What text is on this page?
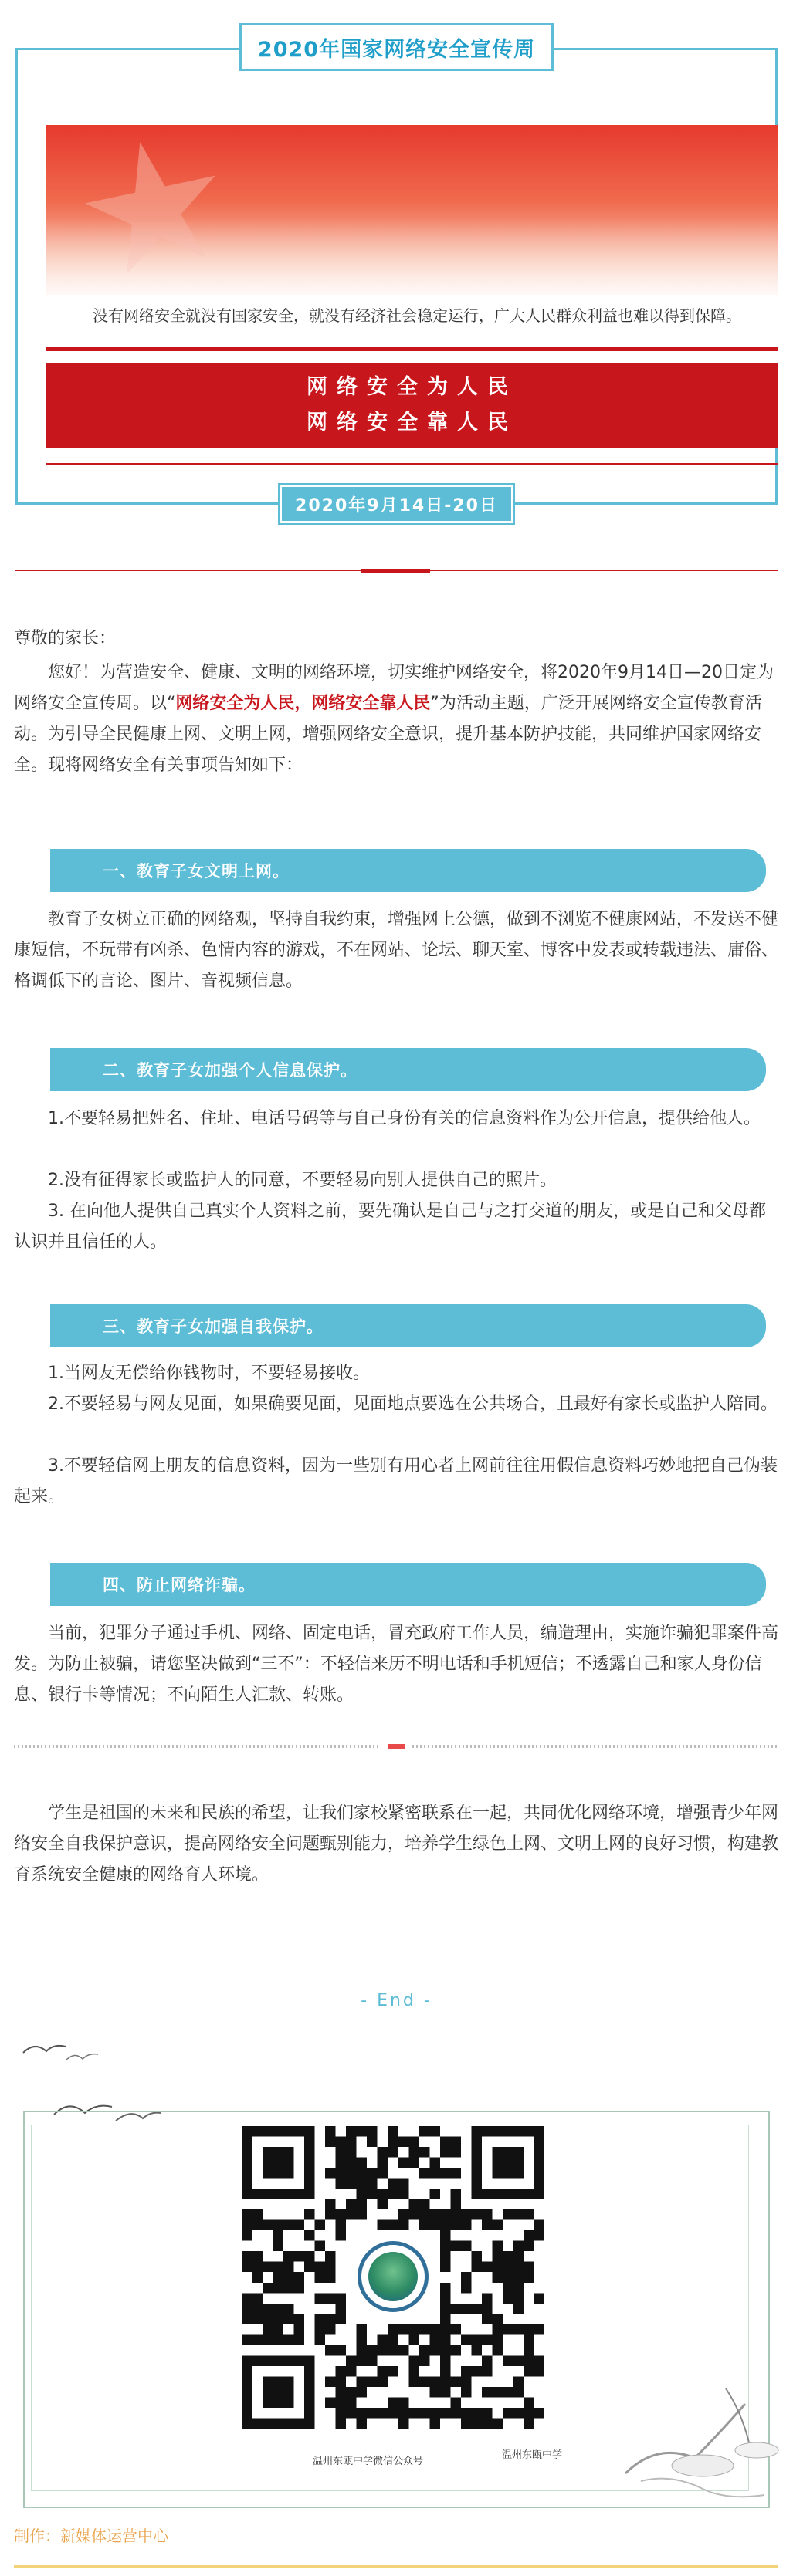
2020年国家网络安全宣传周

没有网络安全就没有国家安全，就没有经济社会稳定运行，广大人民群众利益也难以得到保障。

网络安全为人民
网络安全靠人民
2020年9月14日-20日

尊敬的家长：

您好！为营造安全、健康、文明的网络环境，切实维护网络安全，将2020年9月14日—20日定为网络安全宣传周。以“网络安全为人民，网络安全靠人民”为活动主题，广泛开展网络安全宣传教育活动。为引导全民健康上网、文明上网，增强网络安全意识，提升基本防护技能，共同维护国家网络安全。现将网络安全有关事项告知如下：

一、教育子女文明上网。

教育子女树立正确的网络观，坚持自我约束，增强网上公德，做到不浏览不健康网站，不发送不健康短信，不玩带有凶杀、色情内容的游戏，不在网站、论坛、聊天室、博客中发表或转载违法、庸俗、格调低下的言论、图片、音视频信息。

二、教育子女加强个人信息保护。

1.不要轻易把姓名、住址、电话号码等与自己身份有关的信息资料作为公开信息，提供给他人。

2.没有征得家长或监护人的同意，不要轻易向别人提供自己的照片。

3. 在向他人提供自己真实个人资料之前，要先确认是自己与之打交道的朋友，或是自己和父母都认识并且信任的人。

三、教育子女加强自我保护。

1.当网友无偿给你钱物时，不要轻易接收。

2.不要轻易与网友见面，如果确要见面，见面地点要选在公共场合，且最好有家长或监护人陪同。

3.不要轻信网上朋友的信息资料，因为一些别有用心者上网前往往用假信息资料巧妙地把自己伪装起来。

四、防止网络诈骗。

当前，犯罪分子通过手机、网络、固定电话，冒充政府工作人员，编造理由，实施诈骗犯罪案件高发。为防止被骗，请您坚决做到“三不”：不轻信来历不明电话和手机短信；不透露自己和家人身份信息、银行卡等情况；不向陌生人汇款、转账。

学生是祖国的未来和民族的希望，让我们家校紧密联系在一起，共同优化网络环境，增强青少年网络安全自我保护意识，提高网络安全问题甄别能力，培养学生绿色上网、文明上网的良好习惯，构建教育系统安全健康的网络育人环境。

- End -
温州东瓯中学微信公众号
温州东瓯中学
制作：新媒体运营中心
